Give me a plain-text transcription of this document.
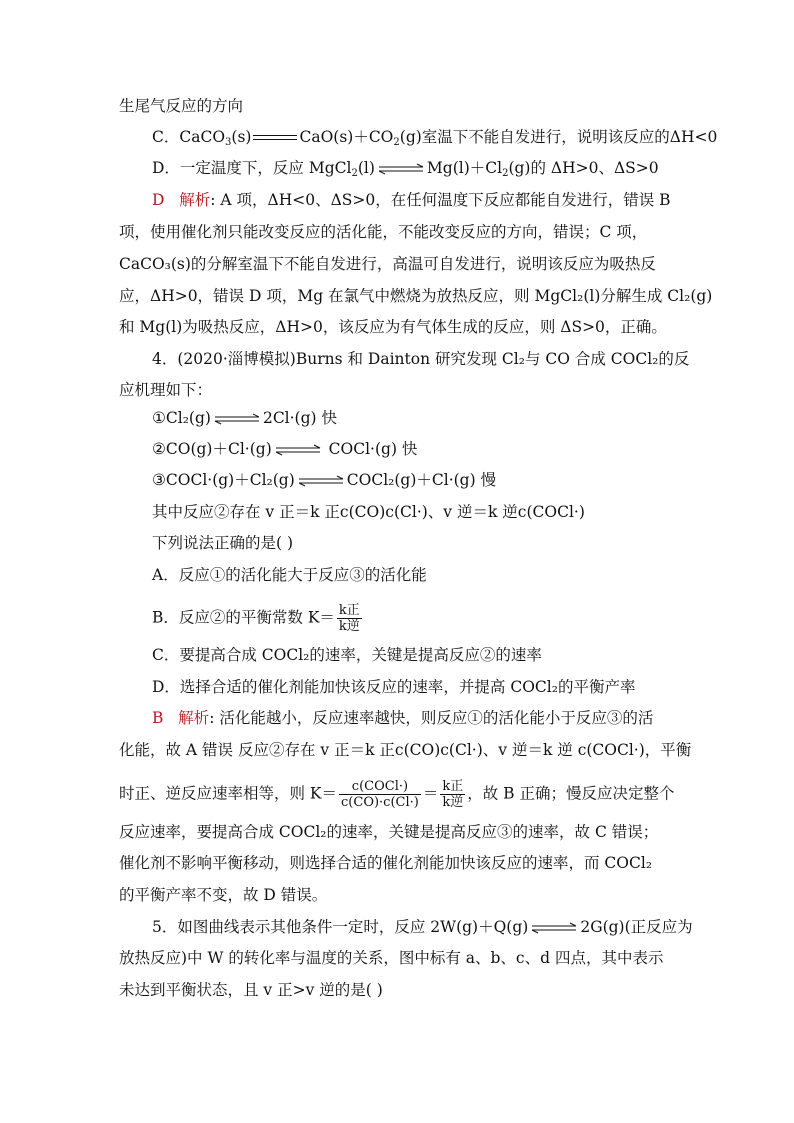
生尾气反应的方向
C．CaCO$_3$(s)	$CaO(s)+CO_2(g)$室温下不能自发进行，说明该反应的ΔH<0
D．一定温度下，反应 MgCl$_2$(l) ⇌ $Mg(l)+Cl_2(g)$的 ΔH>0、ΔS>0
D 解析: A 项，ΔH<0、ΔS>0，在任何温度下反应都能自发进行，错误 B
项，使用催化剂只能改变反应的活化能，不能改变反应的方向，错误；C 项，
CaCO₃(s)的分解室温下不能自发进行，高温可自发进行，说明该反应为吸热反
应，ΔH>0，错误 D 项，Mg 在氯气中燃烧为放热反应，则 MgCl₂(l)分解生成 Cl₂(g)
和 Mg(l)为吸热反应，ΔH>0，该反应为有气体生成的反应，则 ΔS>0，正确。
4．(2020·淄博模拟)Burns 和 Dainton 研究发现 Cl₂与 CO 合成 COCl₂的反
应机理如下：
①Cl₂(g) ⇌ 2Cl·(g) 快
②CO(g)＋Cl·(g) ⇌ COCl·(g) 快
③COCl·(g)＋Cl₂(g) ⇌ COCl₂(g)＋Cl·(g) 慢
其中反应②存在 v 正＝k 正c(CO)c(Cl·)、v 逆＝k 逆c(COCl·)
下列说法正确的是( )
A．反应①的活化能大于反应③的活化能
B．反应②的平衡常数 $K= \frac{\text{k正}}{\text{k逆}}$
C．要提高合成 COCl₂的速率，关键是提高反应②的速率
D．选择合适的催化剂能加快该反应的速率，并提高 COCl₂的平衡产率
B 解析: 活化能越小，反应速率越快，则反应①的活化能小于反应③的活
化能，故 A 错误 反应②存在 v 正＝k 正c(CO)c(Cl·)、v 逆＝k 逆 c(COCl·)，平衡
时正、逆反应速率相等，则 $K= \frac{\text{c(COCl·)}}{c(CO)\cdot c(Cl\cdot)} = \frac{\text{k正}}{\text{k逆}}$ ，故 B 正确；慢反应决定整个
反应速率，要提高合成 COCl₂的速率，关键是提高反应③的速率，故 C 错误；
催化剂不影响平衡移动，则选择合适的催化剂能加快该反应的速率，而 COCl₂
的平衡产率不变，故 D 错误。
5．如图曲线表示其他条件一定时，反应 2W(g)＋Q(g) ⇌ 2G(g)(正反应为
放热反应)中 W 的转化率与温度的关系，图中标有 a、b、c、d 四点，其中表示
未达到平衡状态，且 v 正>v 逆的是( )
